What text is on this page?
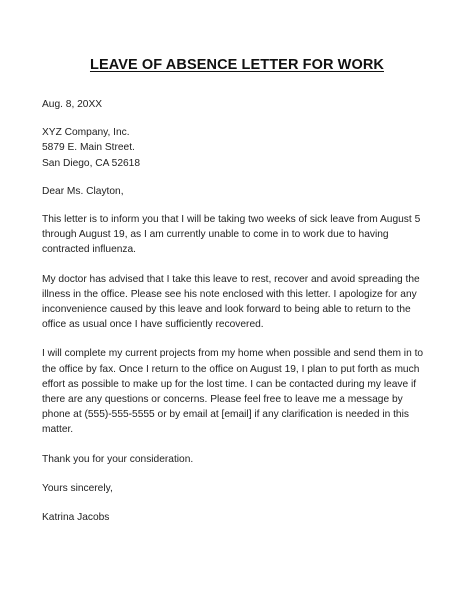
LEAVE OF ABSENCE LETTER FOR WORK
Aug. 8, 20XX
XYZ Company, Inc.
5879 E. Main Street.
San Diego, CA 52618
Dear Ms. Clayton,
This letter is to inform you that I will be taking two weeks of sick leave from August 5
through August 19, as I am currently unable to come in to work due to having
contracted influenza.
My doctor has advised that I take this leave to rest, recover and avoid spreading the
illness in the office. Please see his note enclosed with this letter. I apologize for any
inconvenience caused by this leave and look forward to being able to return to the
office as usual once I have sufficiently recovered.
I will complete my current projects from my home when possible and send them in to
the office by fax. Once I return to the office on August 19, I plan to put forth as much
effort as possible to make up for the lost time. I can be contacted during my leave if
there are any questions or concerns. Please feel free to leave me a message by
phone at (555)-555-5555 or by email at [email] if any clarification is needed in this
matter.
Thank you for your consideration.
Yours sincerely,
Katrina Jacobs
